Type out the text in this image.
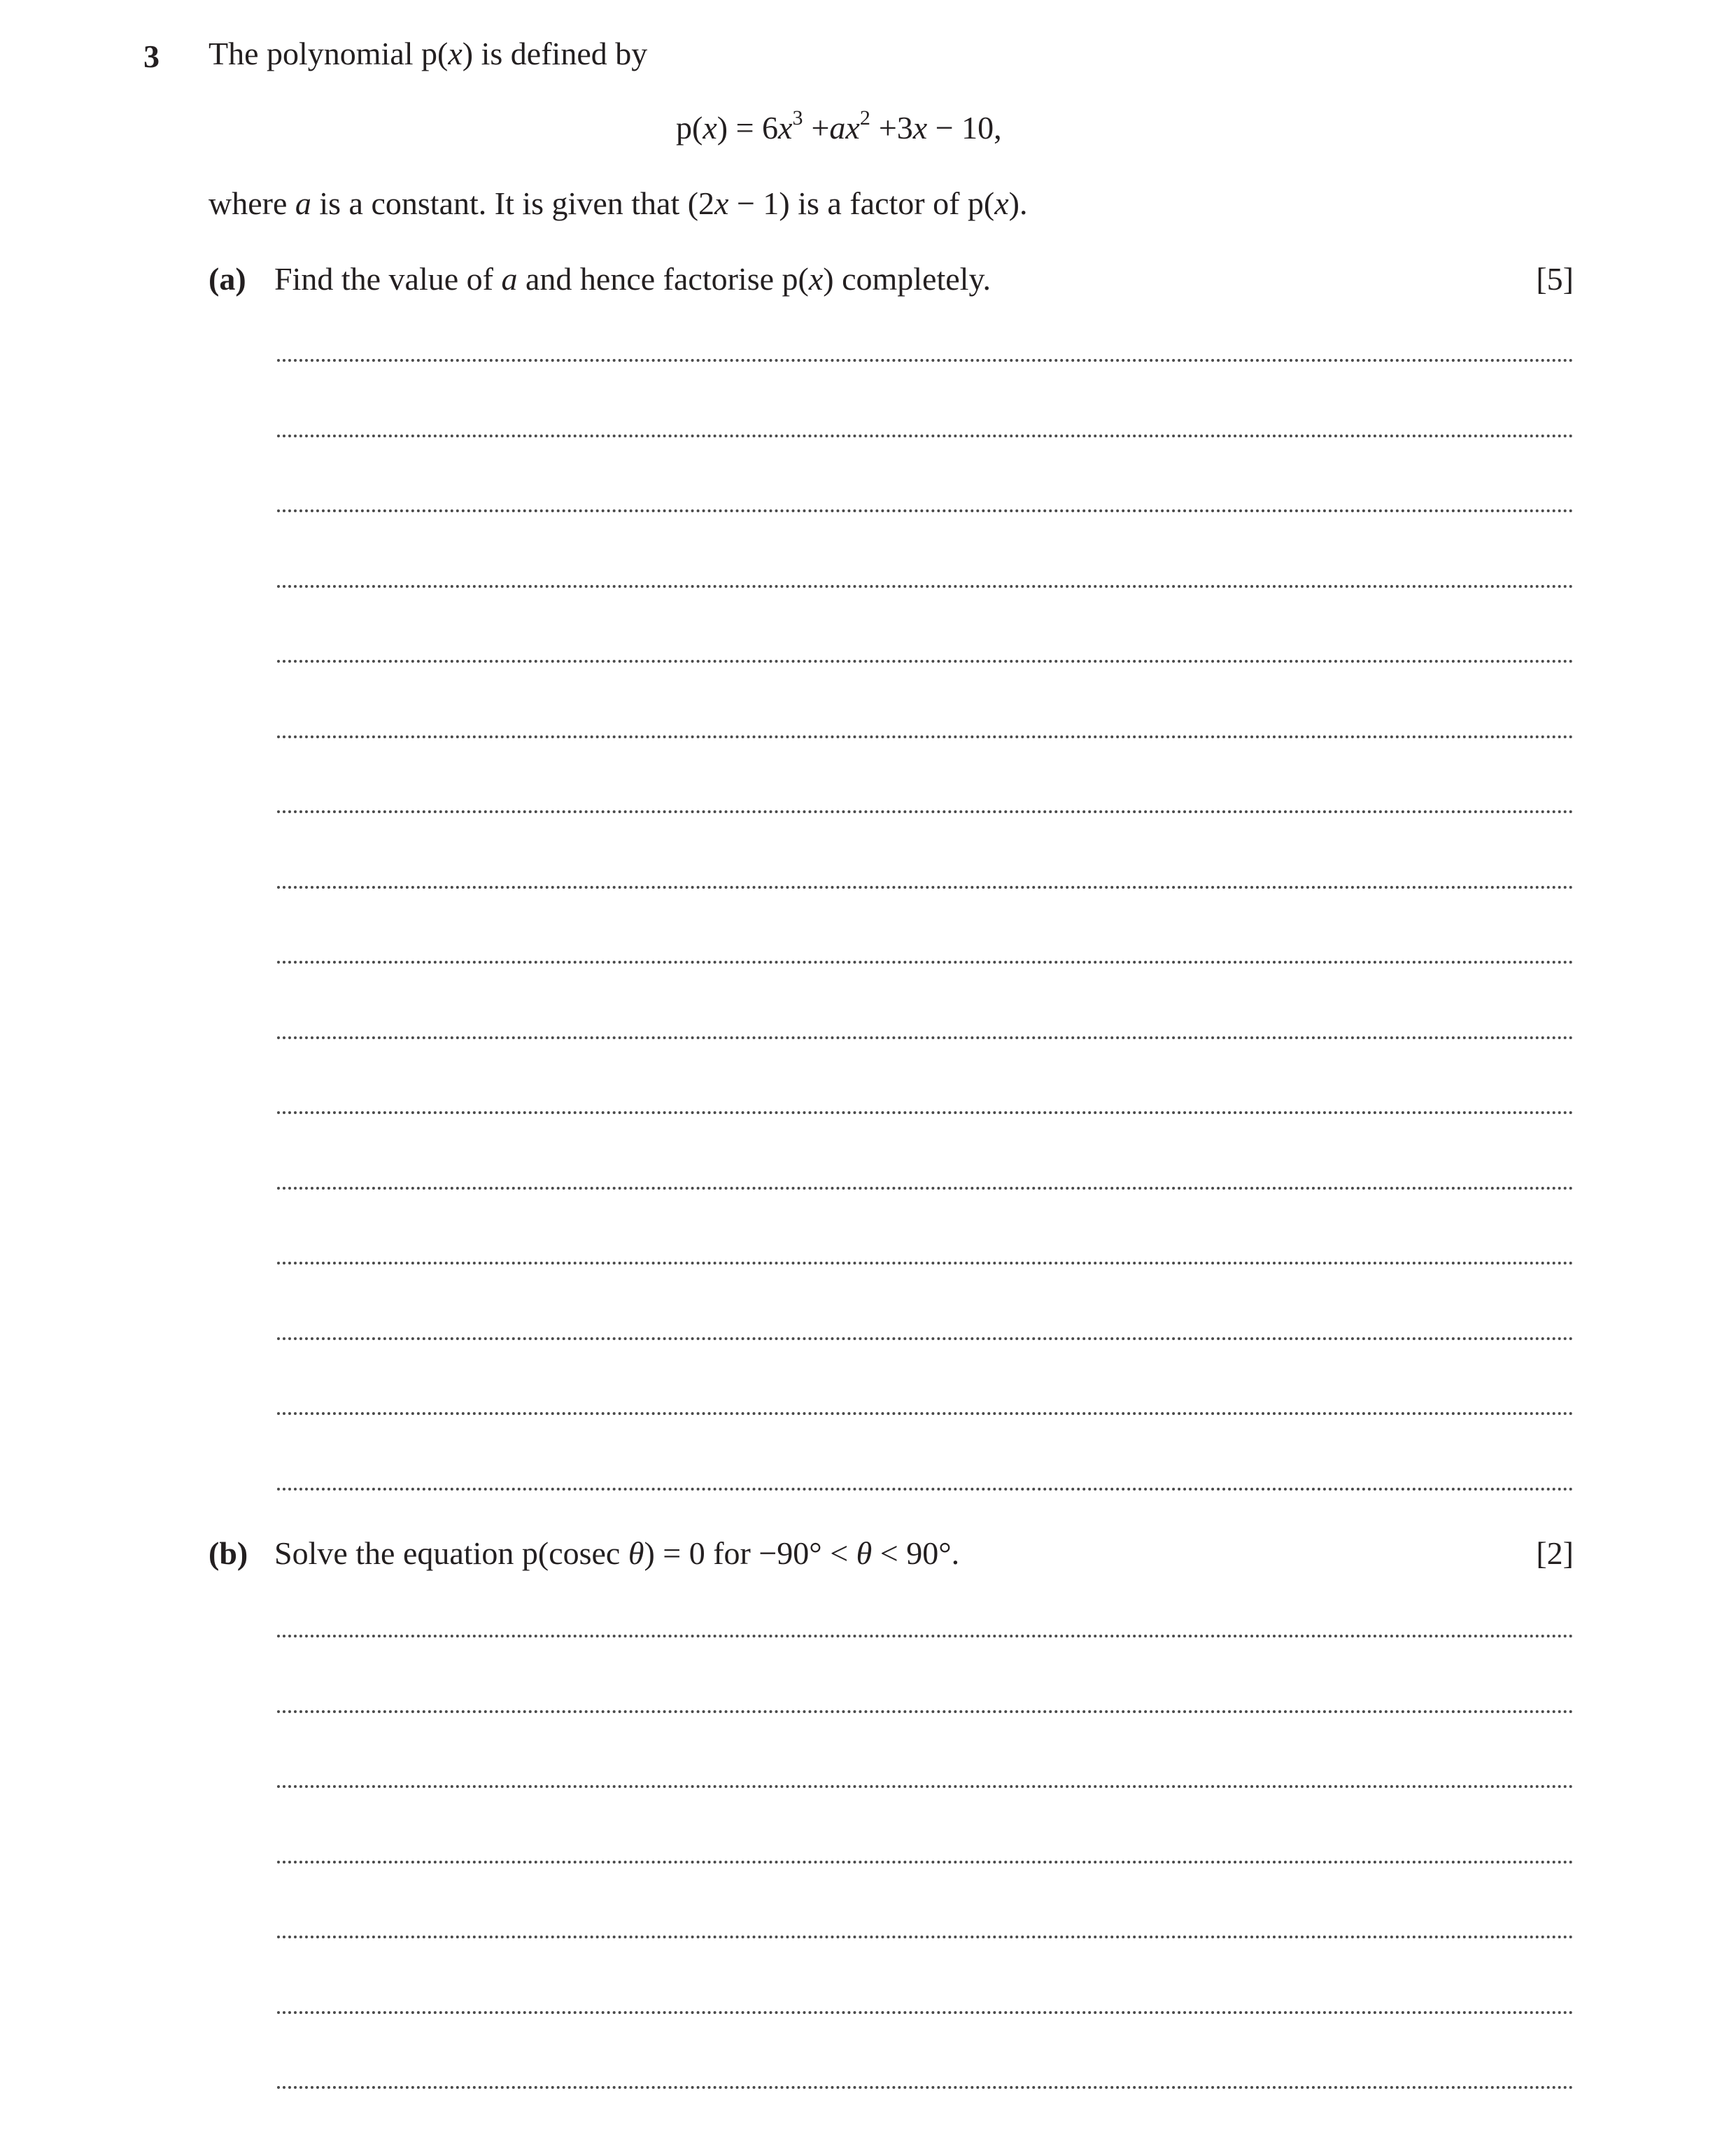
3 The polynomial p(x) is defined by
$p(x) = 6x^3 +ax^2 +3x - 10$,
where a is a constant. It is given that (2x − 1) is a factor of p(x).
(a) Find the value of a and hence factorise p(x) completely.	[5]
(b) Solve the equation p(cosec θ) = 0 for −90° < θ < 90°.	[2]
